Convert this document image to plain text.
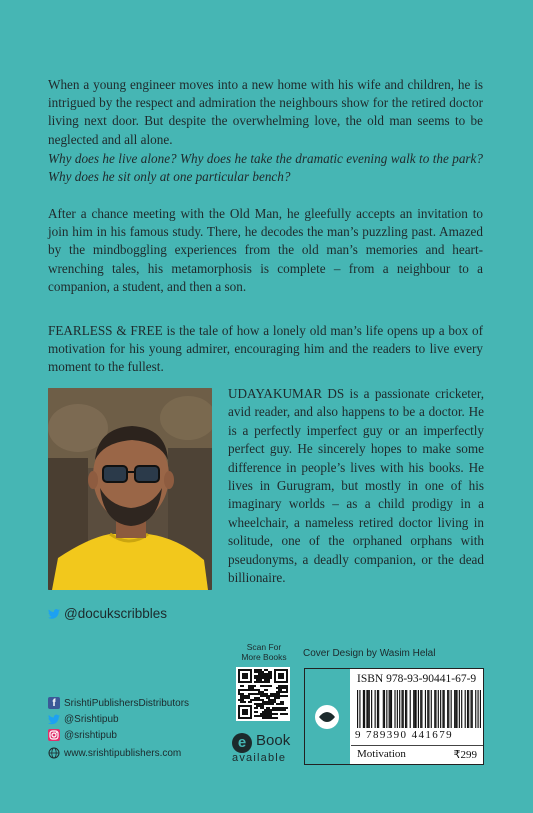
When a young engineer moves into a new home with his wife and children, he is intrigued by the respect and admiration the neighbours show for the retired doctor living next door. But despite the overwhelming love, the old man seems to be neglected and all alone.

Why does he live alone? Why does he take the dramatic evening walk to the park? Why does he sit only at one particular bench?

After a chance meeting with the Old Man, he gleefully accepts an invitation to join him in his famous study. There, he decodes the man’s puzzling past. Amazed by the mindboggling experiences from the old man’s memories and heart-wrenching tales, his metamorphosis is complete – from a neighbour to a companion, a student, and then a son.

FEARLESS & FREE is the tale of how a lonely old man’s life opens up a box of motivation for his young admirer, encouraging him and the readers to live every moment to the fullest.

UDAYAKUMAR DS is a passionate cricketer, avid reader, and also happens to be a doctor. He is a perfectly imperfect guy or an imperfectly perfect guy. He sincerely hopes to make some difference in people’s lives with his books. He lives in Gurugram, but mostly in one of his imaginary worlds – as a child prodigy in a wheelchair, a nameless retired doctor living in solitude, one of the orphaned orphans with pseudonyms, a deadly companion, or the dead billionaire.

@docukscribbles
f SrishtiPublishersDistributors
@Srishtipub
@srishtipub
www.srishtipublishers.com
Scan For
More Books
e Book
available
Cover Design by Wasim Helal
ISBN 978-93-90441-67-9
9 789390 441679
Motivation	₹299
